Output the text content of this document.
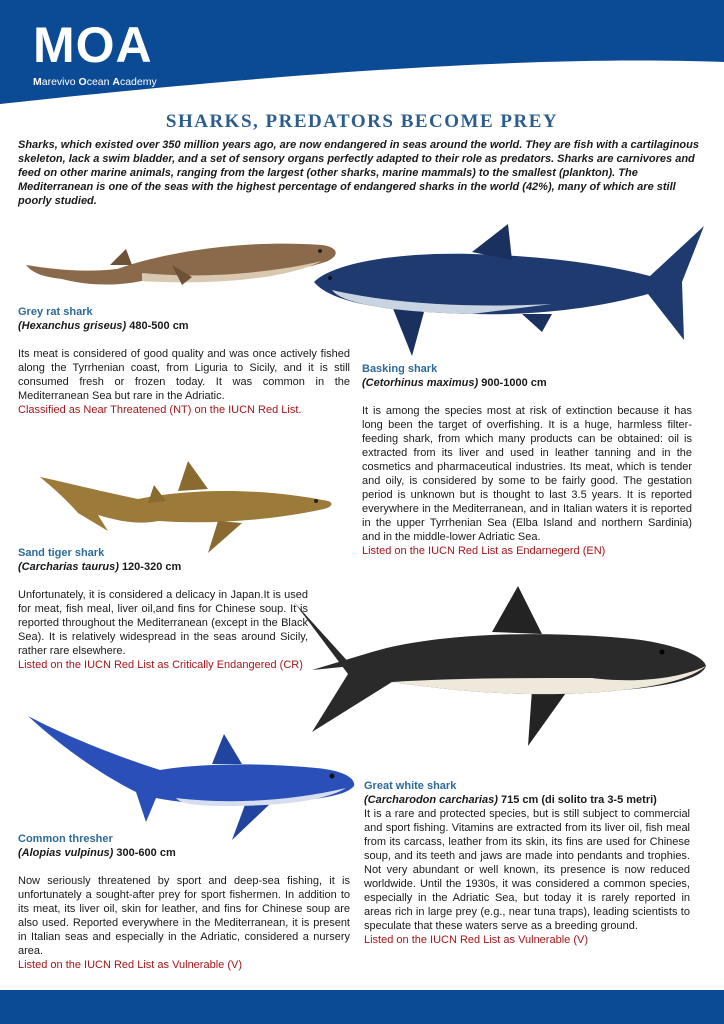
MOA
Marevivo Ocean Academy
SHARKS, PREDATORS BECOME PREY
Sharks, which existed over 350 million years ago, are now endangered in seas around the world. They are fish with a cartilaginous skeleton, lack a swim bladder, and a set of sensory organs perfectly adapted to their role as predators. Sharks are carnivores and feed on other marine animals, ranging from the largest (other sharks, marine mammals) to the smallest (plankton). The Mediterranean is one of the seas with the highest percentage of endangered sharks in the world (42%), many of which are still poorly studied.
Grey rat shark
(Hexanchus griseus) 480-500 cm
Its meat is considered of good quality and was once actively fished along the Tyrrhenian coast, from Liguria to Sicily, and it is still consumed fresh or frozen today. It was common in the Mediterranean Sea but rare in the Adriatic.
Classified as Near Threatened (NT) on the IUCN Red List.
Basking shark
(Cetorhinus maximus) 900-1000 cm
It is among the species most at risk of extinction because it has long been the target of overfishing. It is a huge, harmless filter-feeding shark, from which many products can be obtained: oil is extracted from its liver and used in leather tanning and in the cosmetics and pharmaceutical industries. Its meat, which is tender and oily, is considered by some to be fairly good. The gestation period is unknown but is thought to last 3.5 years. It is reported everywhere in the Mediterranean, and in Italian waters it is reported in the upper Tyrrhenian Sea (Elba Island and northern Sardinia) and in the middle-lower Adriatic Sea.
Listed on the IUCN Red List as Endarnegerd (EN)
Sand tiger shark
(Carcharias taurus) 120-320 cm
Unfortunately, it is considered a delicacy in Japan.It is used for meat, fish meal, liver oil,and fins for Chinese soup. It is reported throughout the Mediterranean (except in the Black Sea). It is relatively widespread in the seas around Sicily, rather rare elsewhere.
Listed on the IUCN Red List as Critically Endangered (CR)
Great white shark
(Carcharodon carcharias) 715 cm (di solito tra 3-5 metri)
It is a rare and protected species, but is still subject to commercial and sport fishing. Vitamins are extracted from its liver oil, fish meal from its carcass, leather from its skin, its fins are used for Chinese soup, and its teeth and jaws are made into pendants and trophies. Not very abundant or well known, its presence is now reduced worldwide. Until the 1930s, it was considered a common species, especially in the Adriatic Sea, but today it is rarely reported in areas rich in large prey (e.g., near tuna traps), leading scientists to speculate that these waters serve as a breeding ground.
Listed on the IUCN Red List as Vulnerable (V)
Common thresher
(Alopias vulpinus) 300-600 cm
Now seriously threatened by sport and deep-sea fishing, it is unfortunately a sought-after prey for sport fishermen. In addition to its meat, its liver oil, skin for leather, and fins for Chinese soup are also used. Reported everywhere in the Mediterranean, it is present in Italian seas and especially in the Adriatic, considered a nursery area.
Listed on the IUCN Red List as Vulnerable (V)
